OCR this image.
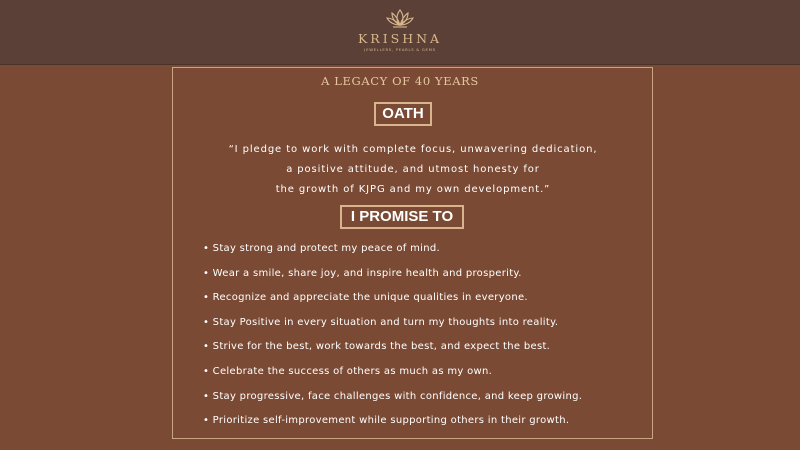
KRISHNA
JEWELLERS, PEARLS & GEMS
A LEGACY OF 40 YEARS
OATH

“I pledge to work with complete focus, unwavering dedication,
a positive attitude, and utmost honesty for
the growth of KJPG and my own development.”

I PROMISE TO
• Stay strong and protect my peace of mind.
• Wear a smile, share joy, and inspire health and prosperity.
• Recognize and appreciate the unique qualities in everyone.
• Stay Positive in every situation and turn my thoughts into reality.
• Strive for the best, work towards the best, and expect the best.
• Celebrate the success of others as much as my own.
• Stay progressive, face challenges with confidence, and keep growing.
• Prioritize self-improvement while supporting others in their growth.
